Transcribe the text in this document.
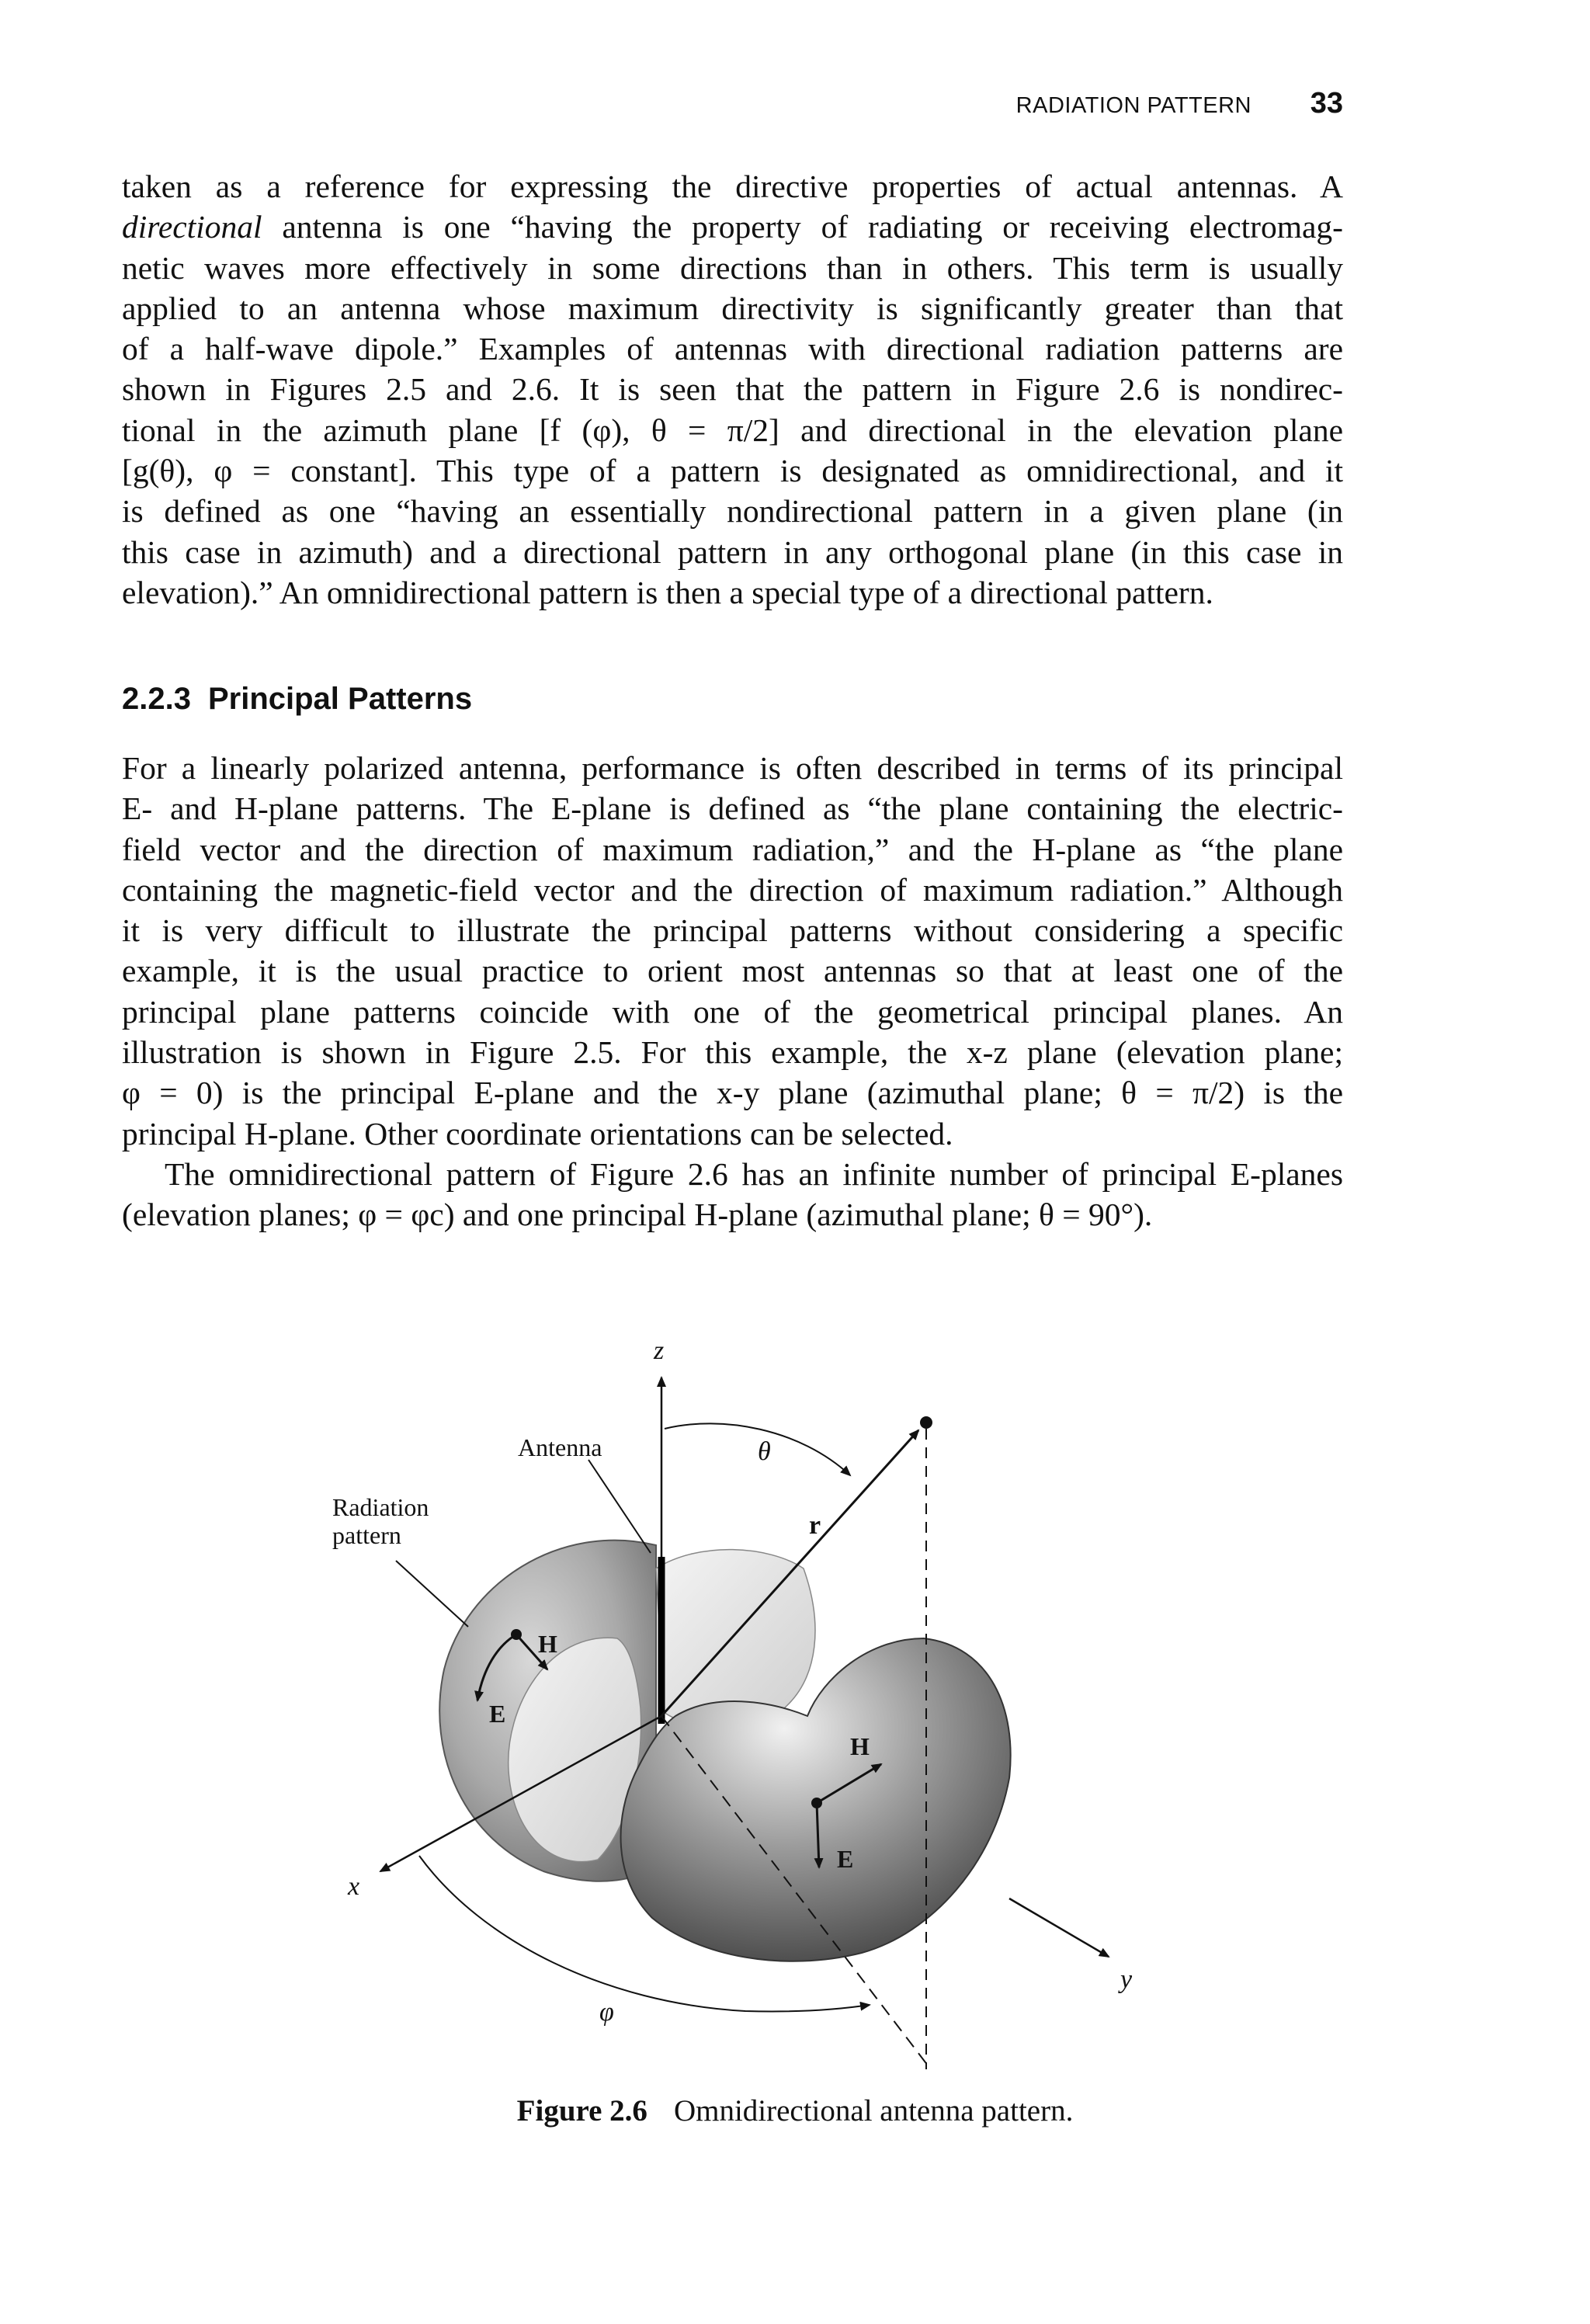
RADIATION PATTERN 33
taken as a reference for expressing the directive properties of actual antennas. A
directional antenna is one “having the property of radiating or receiving electromag-
netic waves more effectively in some directions than in others. This term is usually
applied to an antenna whose maximum directivity is significantly greater than that
of a half-wave dipole.” Examples of antennas with directional radiation patterns are
shown in Figures 2.5 and 2.6. It is seen that the pattern in Figure 2.6 is nondirec-
tional in the azimuth plane [f (φ), θ = π/2] and directional in the elevation plane
[g(θ), φ = constant]. This type of a pattern is designated as omnidirectional, and it
is defined as one “having an essentially nondirectional pattern in a given plane (in
this case in azimuth) and a directional pattern in any orthogonal plane (in this case in
elevation).” An omnidirectional pattern is then a special type of a directional pattern.
2.2.3 Principal Patterns
For a linearly polarized antenna, performance is often described in terms of its principal
E- and H-plane patterns. The E-plane is defined as “the plane containing the electric-
field vector and the direction of maximum radiation,” and the H-plane as “the plane
containing the magnetic-field vector and the direction of maximum radiation.” Although
it is very difficult to illustrate the principal patterns without considering a specific
example, it is the usual practice to orient most antennas so that at least one of the
principal plane patterns coincide with one of the geometrical principal planes. An
illustration is shown in Figure 2.5. For this example, the x-z plane (elevation plane;
φ = 0) is the principal E-plane and the x-y plane (azimuthal plane; θ = π/2) is the
principal H-plane. Other coordinate orientations can be selected.
The omnidirectional pattern of Figure 2.6 has an infinite number of principal E-planes
(elevation planes; φ = φc) and one principal H-plane (azimuthal plane; θ = 90°).
z
x
y
θ
φ
r
Antenna
Radiation
pattern
H
E
H
E

Figure 2.6 Omnidirectional antenna pattern.
